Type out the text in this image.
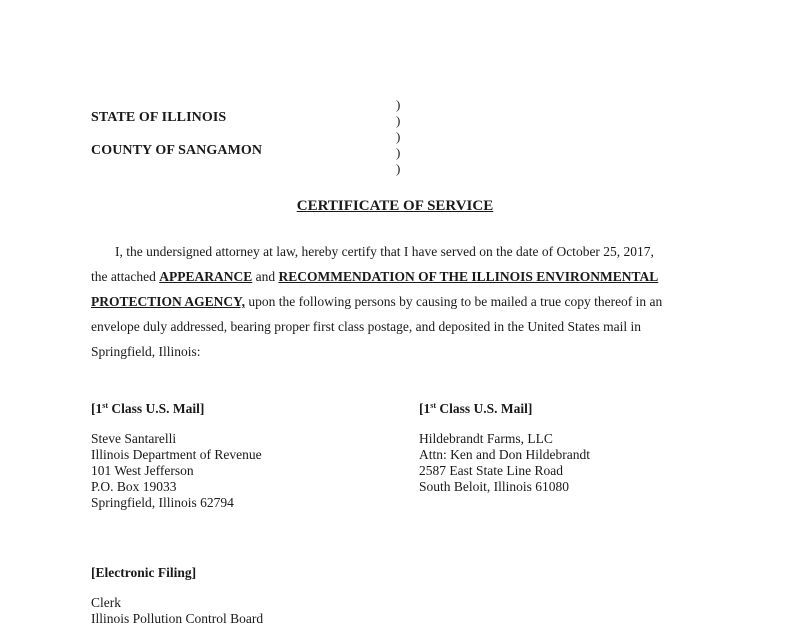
STATE OF ILLINOIS
COUNTY OF SANGAMON
)
)
)
)
)
CERTIFICATE OF SERVICE
I, the undersigned attorney at law, hereby certify that I have served on the date of October 25, 2017,
the attached APPEARANCE and RECOMMENDATION OF THE ILLINOIS ENVIRONMENTAL
PROTECTION AGENCY, upon the following persons by causing to be mailed a true copy thereof in an
envelope duly addressed, bearing proper first class postage, and deposited in the United States mail in
Springfield, Illinois:
[1st Class U.S. Mail]
Steve Santarelli
Illinois Department of Revenue
101 West Jefferson
P.O. Box 19033
Springfield, Illinois 62794
[1st Class U.S. Mail]
Hildebrandt Farms, LLC
Attn: Ken and Don Hildebrandt
2587 East State Line Road
South Beloit, Illinois 61080
[Electronic Filing]
Clerk
Illinois Pollution Control Board
